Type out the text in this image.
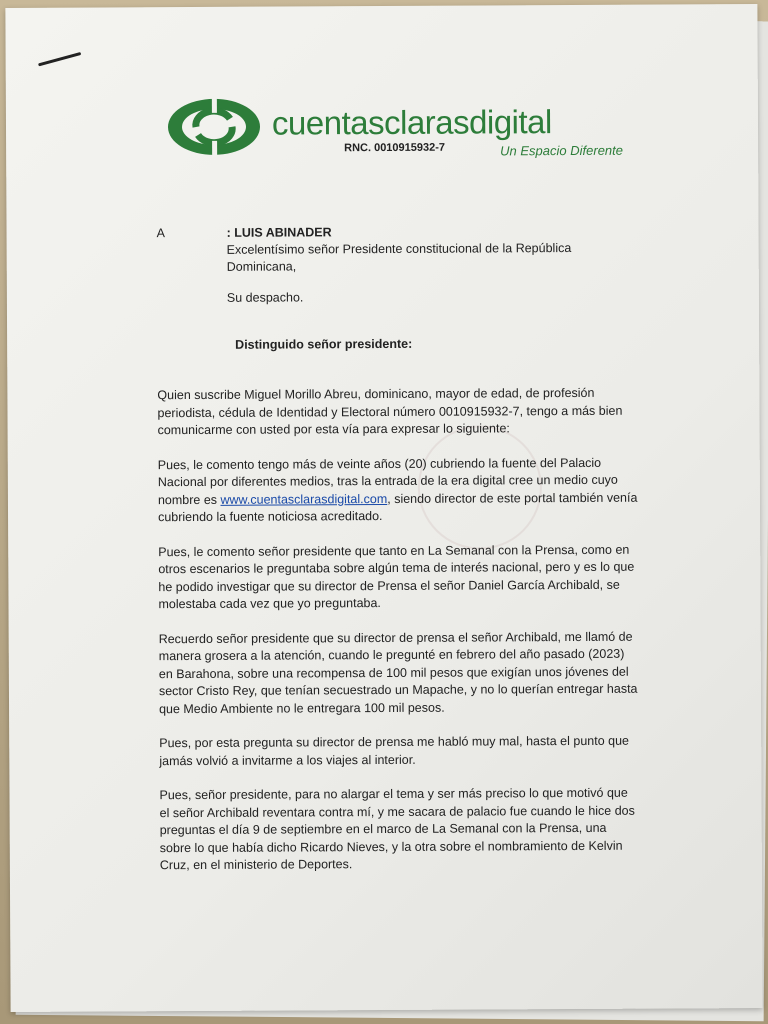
cuentasclarasdigital
RNC. 0010915932-7	Un Espacio Diferente
A	: LUIS ABINADER
Excelentísimo señor Presidente constitucional de la República Dominicana,
Su despacho.
Distinguido señor presidente:

Quien suscribe Miguel Morillo Abreu, dominicano, mayor de edad, de profesión periodista, cédula de Identidad y Electoral número 0010915932-7, tengo a más bien comunicarme con usted por esta vía para expresar lo siguiente:

Pues, le comento tengo más de veinte años (20) cubriendo la fuente del Palacio Nacional por diferentes medios, tras la entrada de la era digital cree un medio cuyo nombre es www.cuentasclarasdigital.com, siendo director de este portal también venía cubriendo la fuente noticiosa acreditado.

Pues, le comento señor presidente que tanto en La Semanal con la Prensa, como en otros escenarios le preguntaba sobre algún tema de interés nacional, pero y es lo que he podido investigar que su director de Prensa el señor Daniel García Archibald, se molestaba cada vez que yo preguntaba.

Recuerdo señor presidente que su director de prensa el señor Archibald, me llamó de manera grosera a la atención, cuando le pregunté en febrero del año pasado (2023) en Barahona, sobre una recompensa de 100 mil pesos que exigían unos jóvenes del sector Cristo Rey, que tenían secuestrado un Mapache, y no lo querían entregar hasta que Medio Ambiente no le entregara 100 mil pesos.

Pues, por esta pregunta su director de prensa me habló muy mal, hasta el punto que jamás volvió a invitarme a los viajes al interior.

Pues, señor presidente, para no alargar el tema y ser más preciso lo que motivó que el señor Archibald reventara contra mí, y me sacara de palacio fue cuando le hice dos preguntas el día 9 de septiembre en el marco de La Semanal con la Prensa, una sobre lo que había dicho Ricardo Nieves, y la otra sobre el nombramiento de Kelvin Cruz, en el ministerio de Deportes.
